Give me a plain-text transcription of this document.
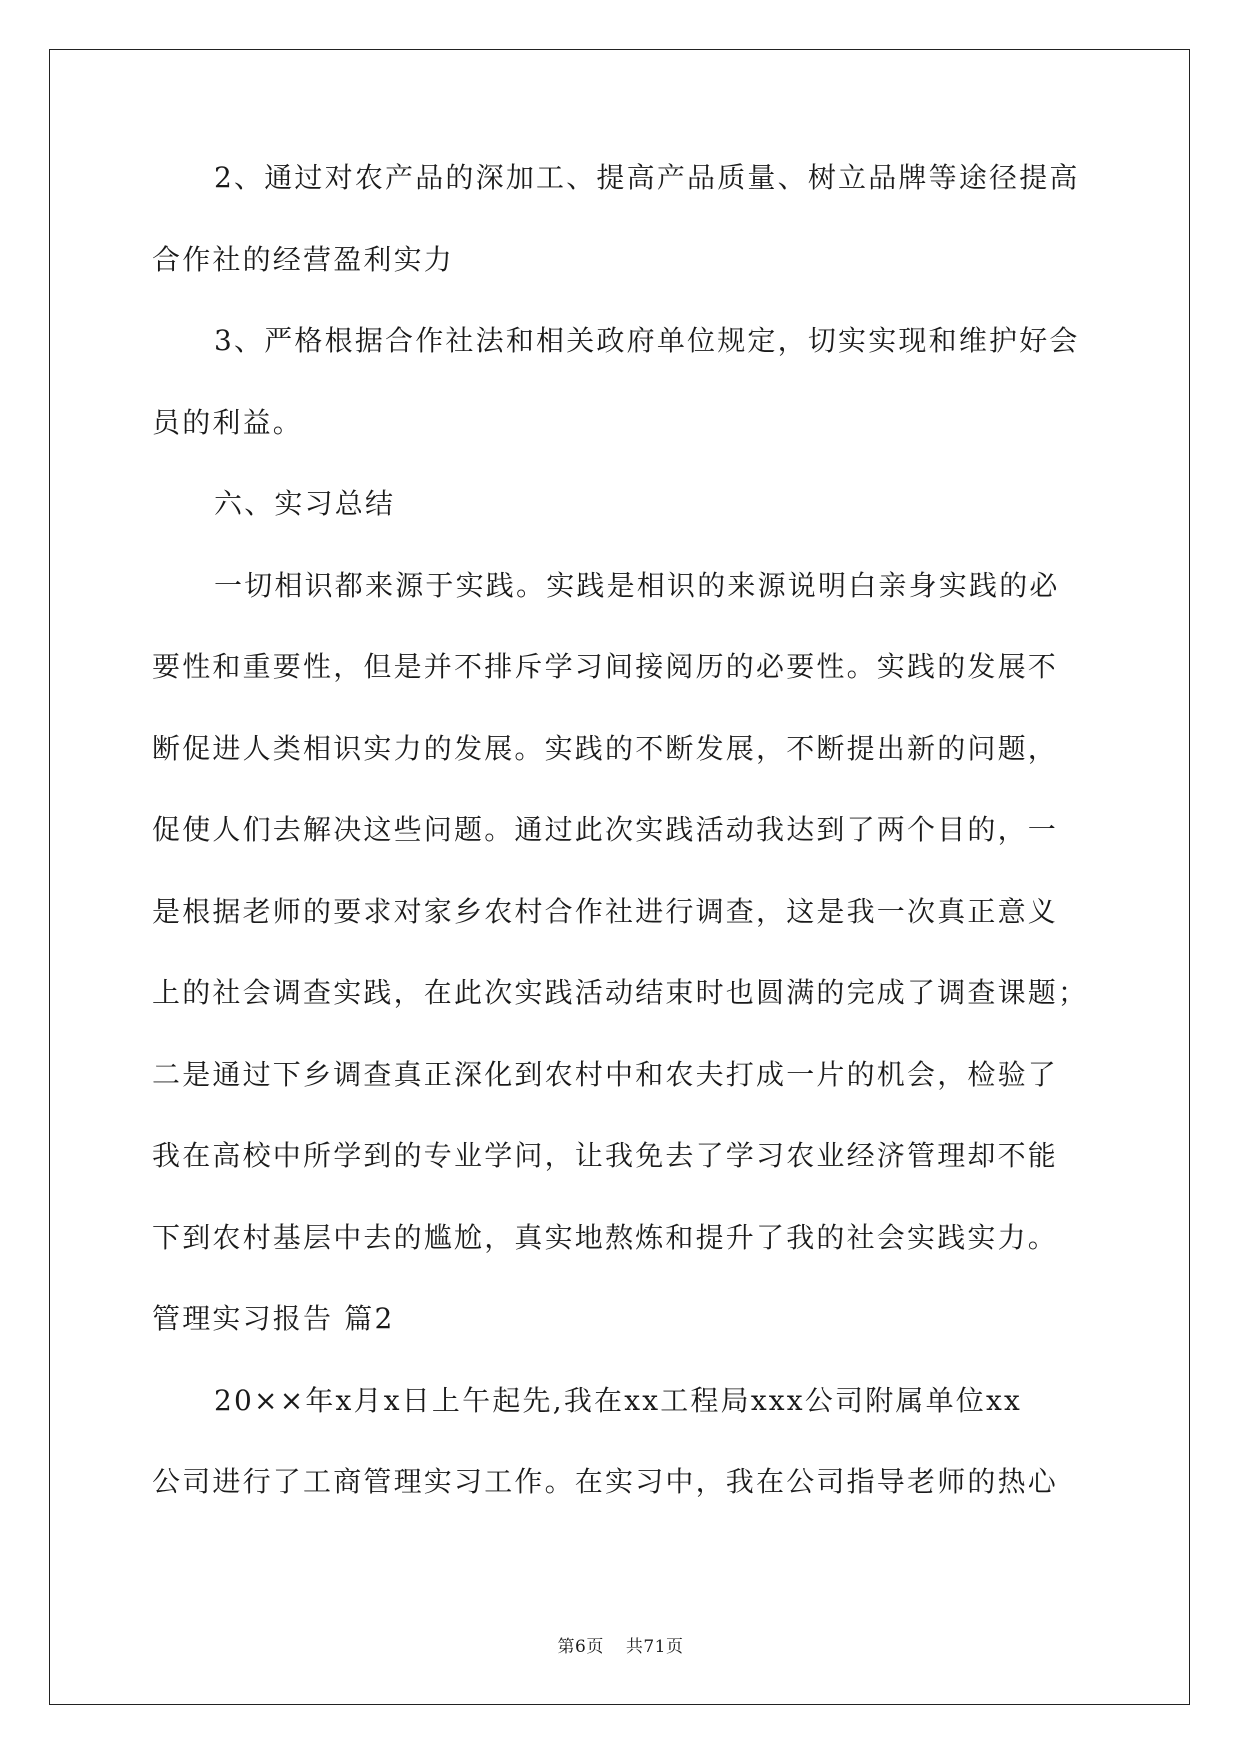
2、通过对农产品的深加工、提高产品质量、树立品牌等途径提高
合作社的经营盈利实力
3、严格根据合作社法和相关政府单位规定，切实实现和维护好会
员的利益。
六、实习总结
一切相识都来源于实践。实践是相识的来源说明白亲身实践的必
要性和重要性，但是并不排斥学习间接阅历的必要性。实践的发展不
断促进人类相识实力的发展。实践的不断发展，不断提出新的问题，
促使人们去解决这些问题。通过此次实践活动我达到了两个目的，一
是根据老师的要求对家乡农村合作社进行调查，这是我一次真正意义
上的社会调查实践，在此次实践活动结束时也圆满的完成了调查课题；
二是通过下乡调查真正深化到农村中和农夫打成一片的机会，检验了
我在高校中所学到的专业学问，让我免去了学习农业经济管理却不能
下到农村基层中去的尴尬，真实地熬炼和提升了我的社会实践实力。
管理实习报告 篇2
20××年x月x日上午起先,我在xx工程局xxx公司附属单位xx
公司进行了工商管理实习工作。在实习中，我在公司指导老师的热心
第6页 共71页
